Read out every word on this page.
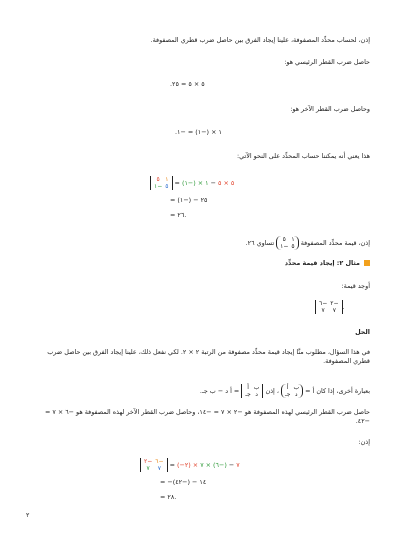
إذن، لحساب محدِّد المصفوفة، علينا إيجاد الفرق بين حاصل ضرب قطري المصفوفة.
حاصل ضرب القطر الرئيسي هو:
٥ × ٥ = ٢٥.
وحاصل ضرب القطر الآخر هو:
١ × (−١) = −١.
هذا يعني أنه يمكننا حساب المحدِّد على النحو الآتي:
٥
١−
١
٥ =	٥ × ٥ − ١ × (−١)
= ٢٥ − (−١)
= ٢٦.
إذن، قيمة محدِّد المصفوفة
٥
١−
١
٥
تساوي ٢٦.
مثال ٢: إيجاد قيمة محدِّد
أوجد قيمة:
٦−
٧
٢−
٧ .
الحل
في هذا السؤال، مطلوب منَّا إيجاد قيمة محدِّد مصفوفة من الرتبة ٢ × ٢. لكي نفعل ذلك، علينا إيجاد الفرق بين حاصل ضرب قطري المصفوفة.
بعبارة أخرى، إذا كان أ =
أ
جـ
ب
د
، إذن
أ
جـ
ب
د
= أ د − ب جـ.
حاصل ضرب القطر الرئيسي لهذه المصفوفة هو −٢ × ٧ = −١٤، وحاصل ضرب القطر الآخر لهذه المصفوفة هو −٦ × ٧ = −٤٢.
إذن:
٢−
٧
٦−
٧ = (−٢) × ٧ − (−٦) × ٧
= −١٤ − (−٤٢)
= ٢٨.
٢
